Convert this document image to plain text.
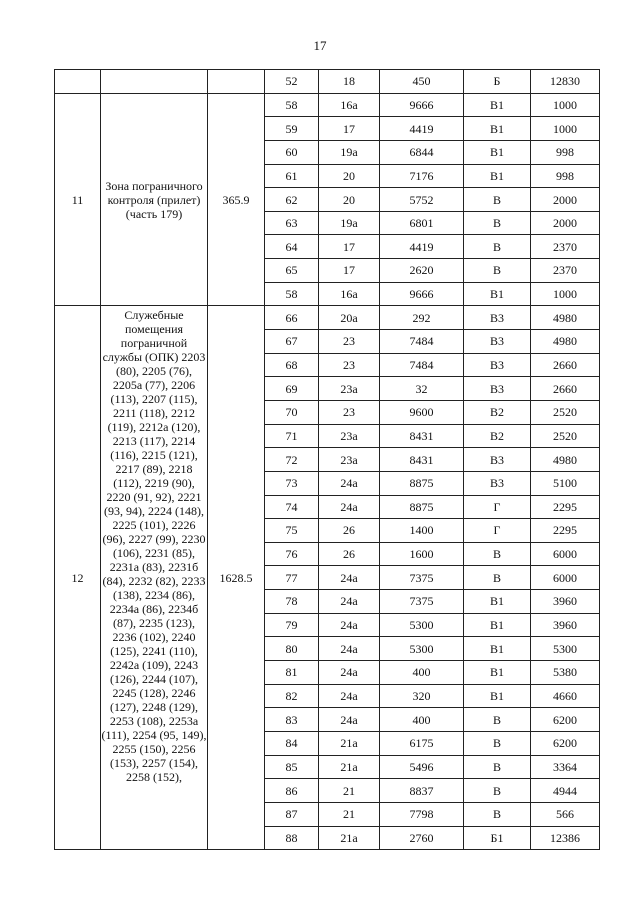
17
			52	18	450	Б	12830
11	Зона пограничного контроля (прилет) (часть 179)	365.9	58	16а	9666	В1	1000
			59	17	4419	В1	1000
			60	19а	6844	В1	998
			61	20	7176	В1	998
			62	20	5752	В	2000
			63	19а	6801	В	2000
			64	17	4419	В	2370
			65	17	2620	В	2370
			58	16а	9666	В1	1000
12	Служебные помещения пограничной службы (ОПК) 2203 (80), 2205 (76), 2205а (77), 2206 (113), 2207 (115), 2211 (118), 2212 (119), 2212а (120), 2213 (117), 2214 (116), 2215 (121), 2217 (89), 2218 (112), 2219 (90), 2220 (91, 92), 2221 (93, 94), 2224 (148), 2225 (101), 2226 (96), 2227 (99), 2230 (106), 2231 (85), 2231а (83), 2231б (84), 2232 (82), 2233 (138), 2234 (86), 2234а (86), 2234б (87), 2235 (123), 2236 (102), 2240 (125), 2241 (110), 2242а (109), 2243 (126), 2244 (107), 2245 (128), 2246 (127), 2248 (129), 2253 (108), 2253а (111), 2254 (95, 149), 2255 (150), 2256 (153), 2257 (154), 2258 (152),	1628.5	66	20а	292	В3	4980
			67	23	7484	В3	4980
			68	23	7484	В3	2660
			69	23а	32	В3	2660
			70	23	9600	В2	2520
			71	23а	8431	В2	2520
			72	23а	8431	В3	4980
			73	24а	8875	В3	5100
			74	24а	8875	Г	2295
			75	26	1400	Г	2295
			76	26	1600	В	6000
			77	24а	7375	В	6000
			78	24а	7375	В1	3960
			79	24а	5300	В1	3960
			80	24а	5300	В1	5300
			81	24а	400	В1	5380
			82	24а	320	В1	4660
			83	24а	400	В	6200
			84	21а	6175	В	6200
			85	21а	5496	В	3364
			86	21	8837	В	4944
			87	21	7798	В	566
			88	21а	2760	Б1	12386
